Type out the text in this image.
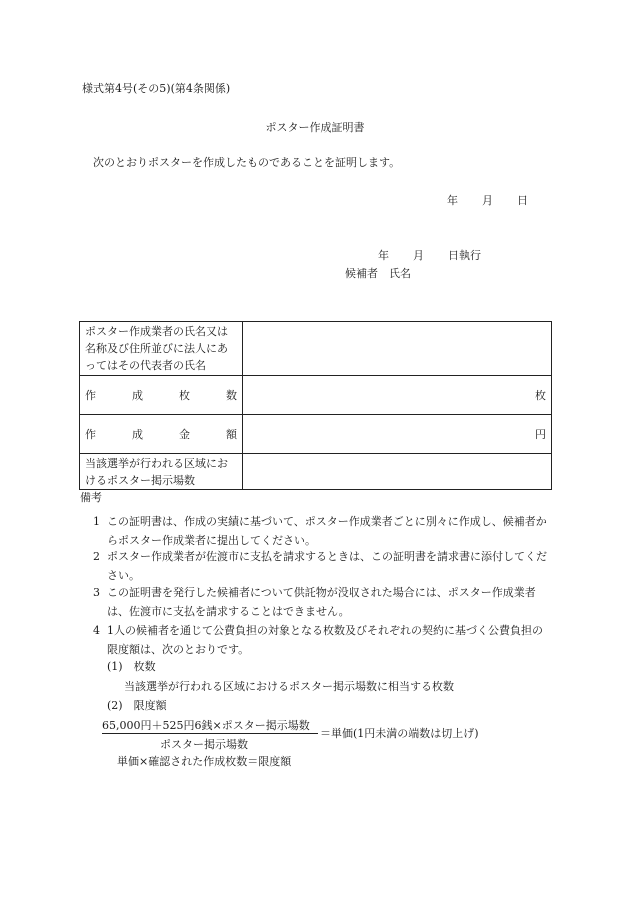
様式第4号(その5)(第4条関係)
ポスター作成証明書
次のとおりポスターを作成したものであることを証明します。
年 月 日
年 月 日執行
候補者　氏名
ポスター作成業者の氏名又は名称及び住所並びに法人にあってはその代表者の氏名	

作 成 枚 数	枚

作 成 金 額	円
当該選挙が行われる区域におけるポスター掲示場数	
備考
1 この証明書は、作成の実績に基づいて、ポスター作成業者ごとに別々に作成し、候補者からポスター作成業者に提出してください。
2 ポスター作成業者が佐渡市に支払を請求するときは、この証明書を請求書に添付してください。
3 この証明書を発行した候補者について供託物が没収された場合には、ポスター作成業者は、佐渡市に支払を請求することはできません。
4 1人の候補者を通じて公費負担の対象となる枚数及びそれぞれの契約に基づく公費負担の限度額は、次のとおりです。
(1)　枚数
当該選挙が行われる区域におけるポスター掲示場数に相当する枚数
(2)　限度額
65,000円＋525円6銭×ポスター掲示場数
ポスター掲示場数
＝単価(1円未満の端数は切上げ)
単価×確認された作成枚数＝限度額
